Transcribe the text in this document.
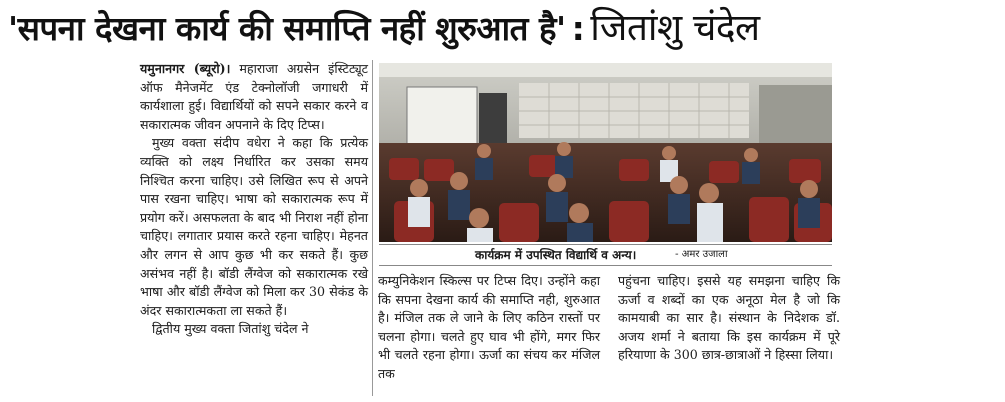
'सपना देखना कार्य की समाप्ति नहीं शुरुआत है' : जितांशु चंदेल

यमुनानगर (ब्यूरो)। महाराजा अग्रसेन इंस्टिट्यूट ऑफ मैनेजमेंट एंड टेक्नोलॉजी जगाधरी में कार्यशाला हुई। विद्यार्थियों को सपने सकार करने व सकारात्मक जीवन अपनाने के दिए टिप्स।

मुख्य वक्ता संदीप वधेरा ने कहा कि प्रत्येक व्यक्ति को लक्ष्य निर्धारित कर उसका समय निश्चित करना चाहिए। उसे लिखित रूप से अपने पास रखना चाहिए। भाषा को सकारात्मक रूप में प्रयोग करें। असफलता के बाद भी निराश नहीं होना चाहिए। लगातार प्रयास करते रहना चाहिए। मेहनत और लगन से आप कुछ भी कर सकते हैं। कुछ असंभव नहीं है। बॉडी लैंग्वेज को सकारात्मक रखे भाषा और बॉडी लैंग्वेज को मिला कर 30 सेकंड के अंदर सकारात्मकता ला सकते हैं।

द्वितीय मुख्य वक्ता जितांशु चंदेल ने

कार्यक्रम में उपस्थित विद्यार्थि व अन्य।	- अमर उजाला

कम्युनिकेशन स्किल्स पर टिप्स दिए। उन्होंने कहा कि सपना देखना कार्य की समाप्ति नही, शुरुआत है। मंजिल तक ले जाने के लिए कठिन रास्तों पर चलना होगा। चलते हुए घाव भी होंगे, मगर फिर भी चलते रहना होगा। ऊर्जा का संचय कर मंजिल तक

पहुंचना चाहिए। इससे यह समझना चाहिए कि ऊर्जा व शब्दों का एक अनूठा मेल है जो कि कामयाबी का सार है। संस्थान के निदेशक डॉ. अजय शर्मा ने बताया कि इस कार्यक्रम में पूरे हरियाणा के 300 छात्र-छात्राओं ने हिस्सा लिया।
